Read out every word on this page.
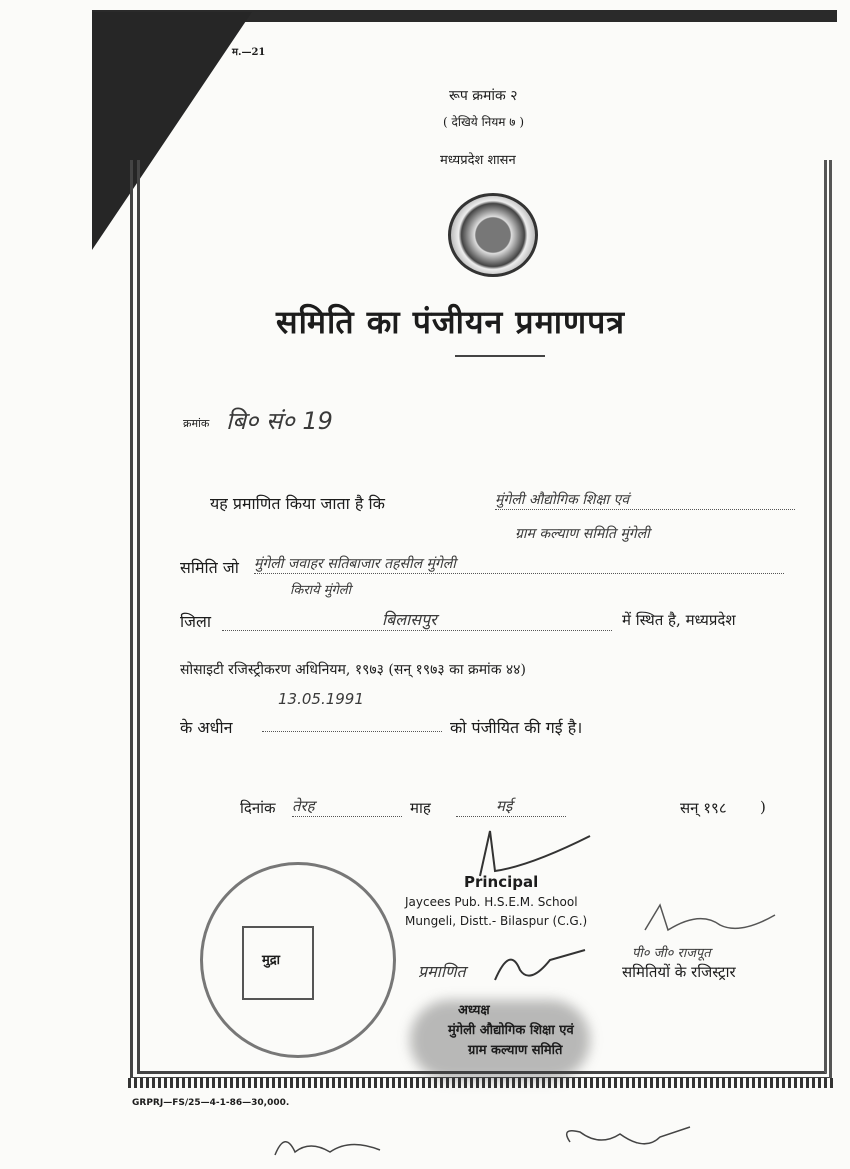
म.—21
रूप क्रमांक २
( देखिये नियम ७ )
मध्यप्रदेश शासन
समिति का पंजीयन प्रमाणपत्र
क्रमांक बि० सं० 19
यह प्रमाणित किया जाता है कि	मुंगेली औद्योगिक शिक्षा एवं
ग्राम कल्याण समिति मुंगेली
समिति जो मुंगेली जवाहर सतिबाजार तहसील मुंगेली
किराये मुंगेली
जिला	बिलासपुर	में स्थित है, मध्यप्रदेश
सोसाइटी रजिस्ट्रीकरण अधिनियम, १९७३ (सन् १९७३ का क्रमांक ४४)
13.05.1991
के अधीन	को पंजीयित की गई है।
दिनांक तेरह	माह	मई	सन् १९८ )
मुद्रा
Principal
Jaycees Pub. H.S.E.M. School
Mungeli, Distt.- Bilaspur (C.G.)
प्रमाणित
पी० जी० राजपूत
समितियों के रजिस्ट्रार
अध्यक्ष
मुंगेली औद्योगिक शिक्षा एवं
ग्राम कल्याण समिति
GRPRJ—FS/25—4-1-86—30,000.
